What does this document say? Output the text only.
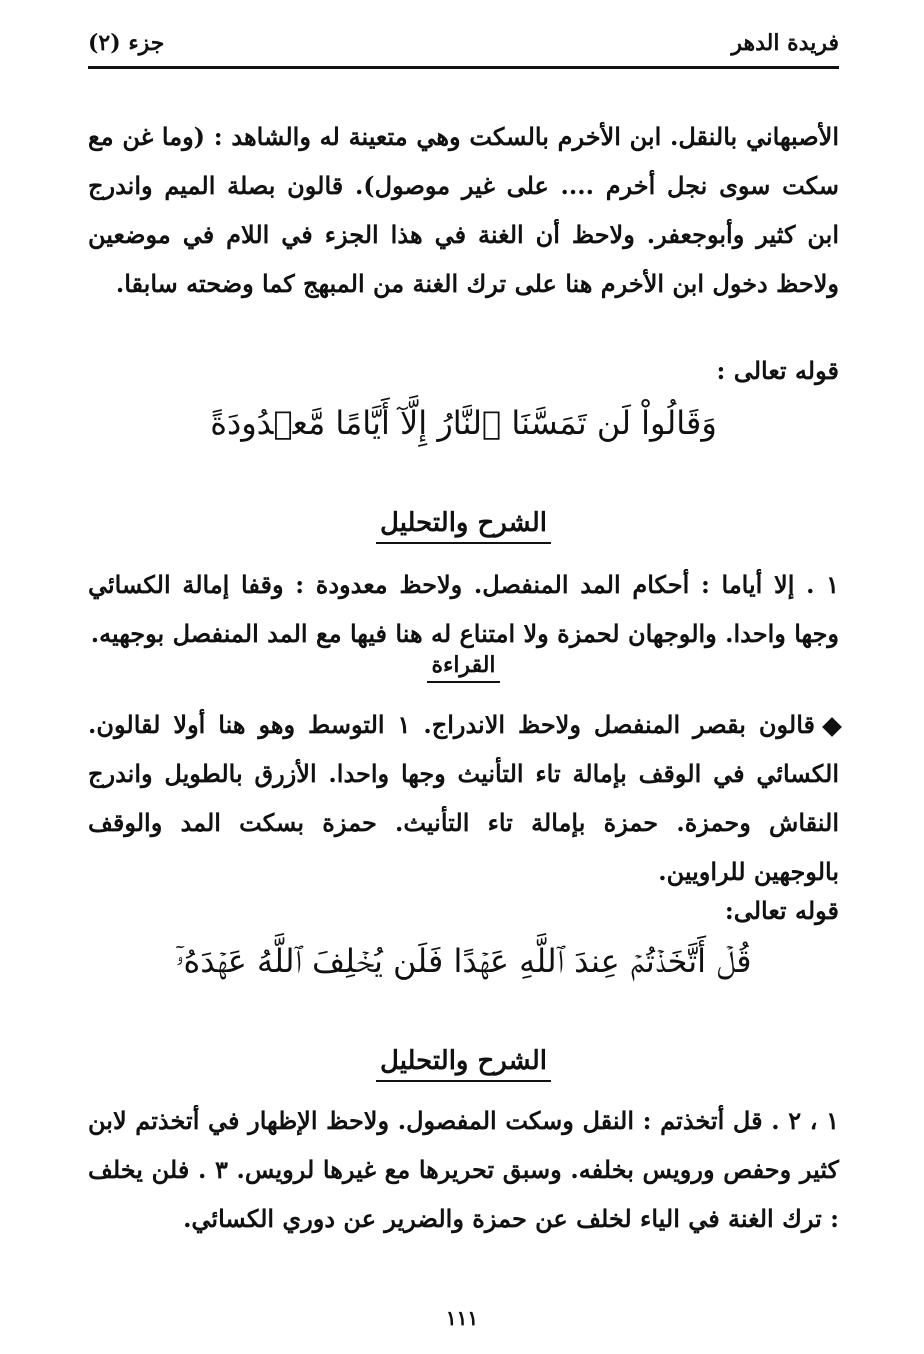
فريدة الدهر
جزء (٢)
الأصبهاني بالنقل. ابن الأخرم بالسكت وهي متعينة له والشاهد : (وما غن مع سكت سوى نجل أخرم .... على غير موصول). قالون بصلة الميم واندرج ابن كثير وأبوجعفر. ولاحظ أن الغنة في هذا الجزء في اللام في موضعين ولاحظ دخول ابن الأخرم هنا على ترك الغنة من المبهج كما وضحته سابقا.
قوله تعالى :
وَقَالُواْ لَن تَمَسَّنَا ٱلنَّارُ إِلَّآ أَيَّامًا مَّعۡدُودَةً
الشرح والتحليل
١ . إلا أياما : أحكام المد المنفصل. ولاحظ معدودة : وقفا إمالة الكسائي وجها واحدا. والوجهان لحمزة ولا امتناع له هنا فيها مع المد المنفصل بوجهيه.
القراءة
قالون بقصر المنفصل ولاحظ الاندراج. ١ التوسط وهو هنا أولا لقالون. الكسائي في الوقف بإمالة تاء التأنيث وجها واحدا. الأزرق بالطويل واندرج النقاش وحمزة. حمزة بإمالة تاء التأنيث. حمزة بسكت المد والوقف بالوجهين للراويين.
قوله تعالى:
قُلۡ أَتَّخَذۡتُمۡ عِندَ ٱللَّهِ عَهۡدًا فَلَن يُخۡلِفَ ٱللَّهُ عَهۡدَهُۥٓ
الشرح والتحليل
١ ، ٢ . قل أتخذتم : النقل وسكت المفصول. ولاحظ الإظهار في أتخذتم لابن كثير وحفص ورويس بخلفه. وسبق تحريرها مع غيرها لرويس. ٣ . فلن يخلف : ترك الغنة في الياء لخلف عن حمزة والضرير عن دوري الكسائي.
١١١
